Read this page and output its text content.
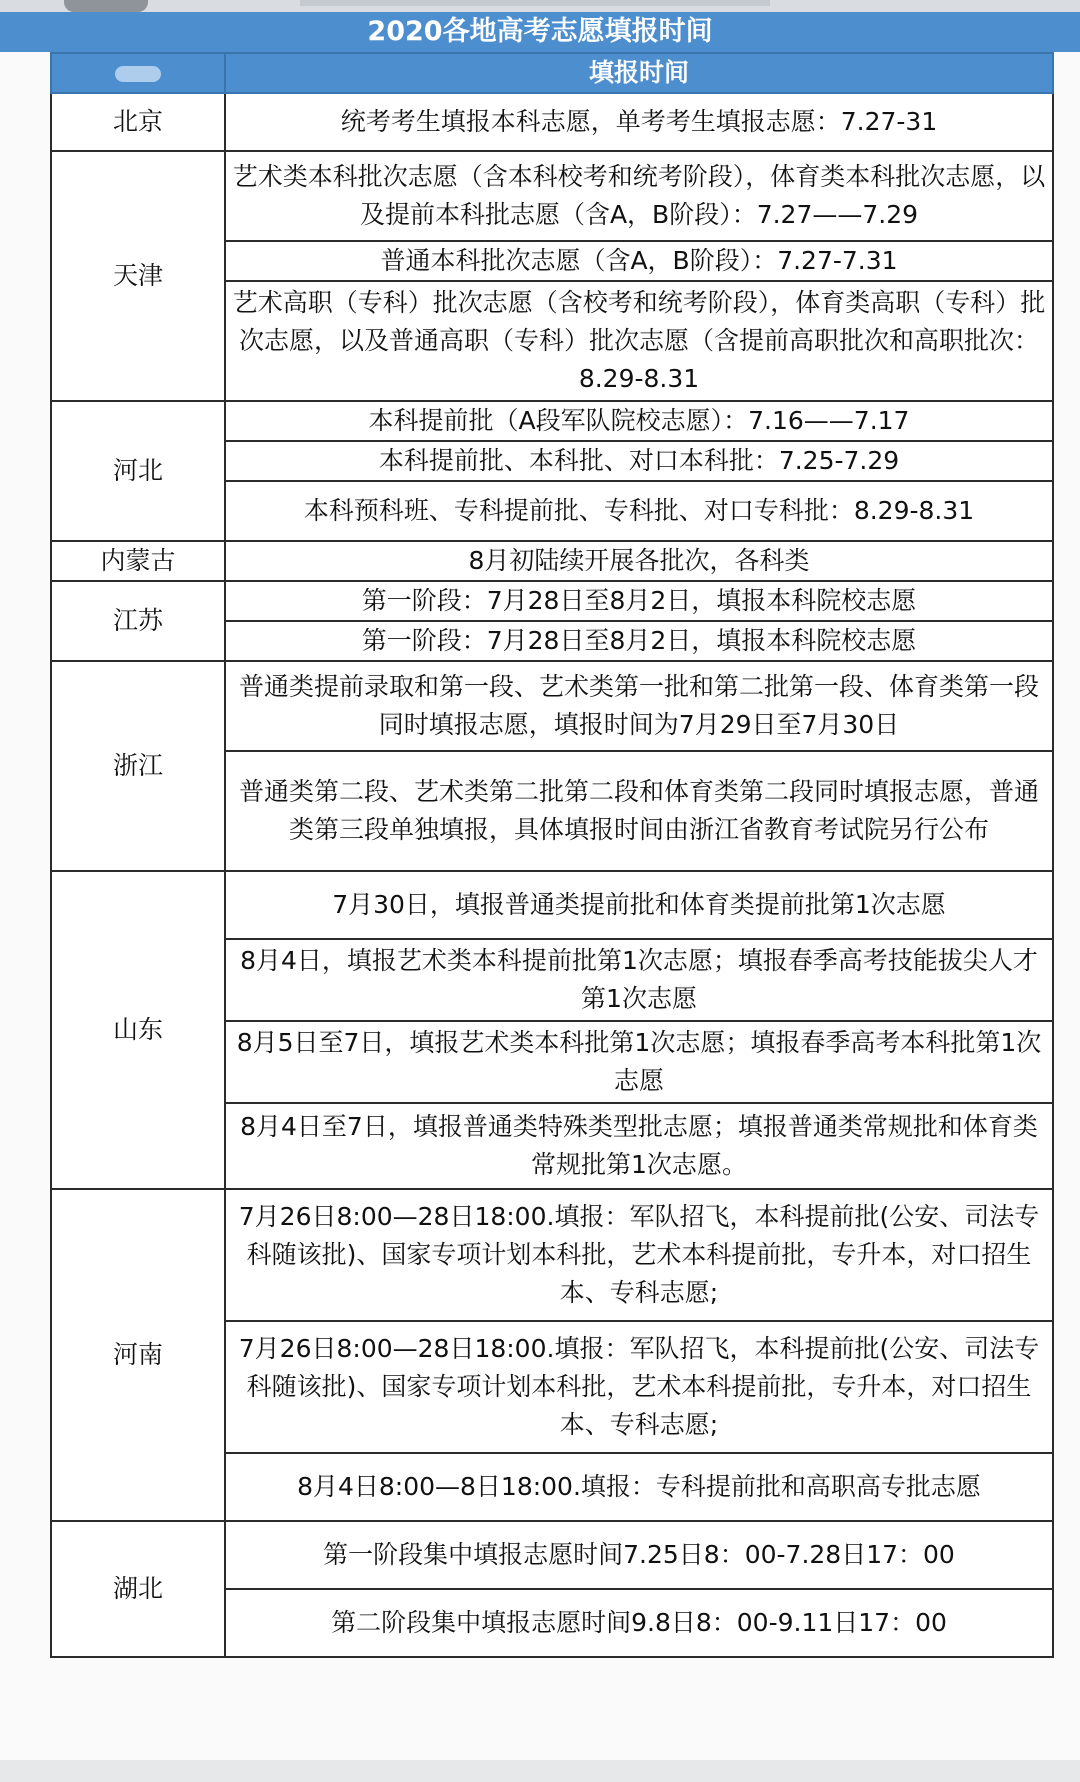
2020各地高考志愿填报时间
	填报时间
北京	统考考生填报本科志愿，单考考生填报志愿：7.27-31
天津	艺术类本科批次志愿（含本科校考和统考阶段），体育类本科批次志愿，以及提前本科批志愿（含A，B阶段）：7.27——7.29
	普通本科批次志愿（含A，B阶段）：7.27-7.31
	艺术高职（专科）批次志愿（含校考和统考阶段），体育类高职（专科）批次志愿，以及普通高职（专科）批次志愿（含提前高职批次和高职批次：8.29-8.31
河北	本科提前批（A段军队院校志愿）：7.16——7.17
	本科提前批、本科批、对口本科批：7.25-7.29
	本科预科班、专科提前批、专科批、对口专科批：8.29-8.31
内蒙古	8月初陆续开展各批次，各科类
江苏	第一阶段：7月28日至8月2日，填报本科院校志愿
	第一阶段：7月28日至8月2日，填报本科院校志愿
浙江	普通类提前录取和第一段、艺术类第一批和第二批第一段、体育类第一段同时填报志愿，填报时间为7月29日至7月30日
	普通类第二段、艺术类第二批第二段和体育类第二段同时填报志愿，普通类第三段单独填报，具体填报时间由浙江省教育考试院另行公布
山东	7月30日，填报普通类提前批和体育类提前批第1次志愿
	8月4日，填报艺术类本科提前批第1次志愿；填报春季高考技能拔尖人才第1次志愿
	8月5日至7日，填报艺术类本科批第1次志愿；填报春季高考本科批第1次志愿
	8月4日至7日，填报普通类特殊类型批志愿；填报普通类常规批和体育类常规批第1次志愿。
河南	7月26日8:00—28日18:00.填报：军队招飞，本科提前批(公安、司法专科随该批)、国家专项计划本科批，艺术本科提前批，专升本，对口招生本、专科志愿;
	7月26日8:00—28日18:00.填报：军队招飞，本科提前批(公安、司法专科随该批)、国家专项计划本科批，艺术本科提前批，专升本，对口招生本、专科志愿;
	8月4日8:00—8日18:00.填报：专科提前批和高职高专批志愿
湖北	第一阶段集中填报志愿时间7.25日8：00-7.28日17：00
	第二阶段集中填报志愿时间9.8日8：00-9.11日17：00
